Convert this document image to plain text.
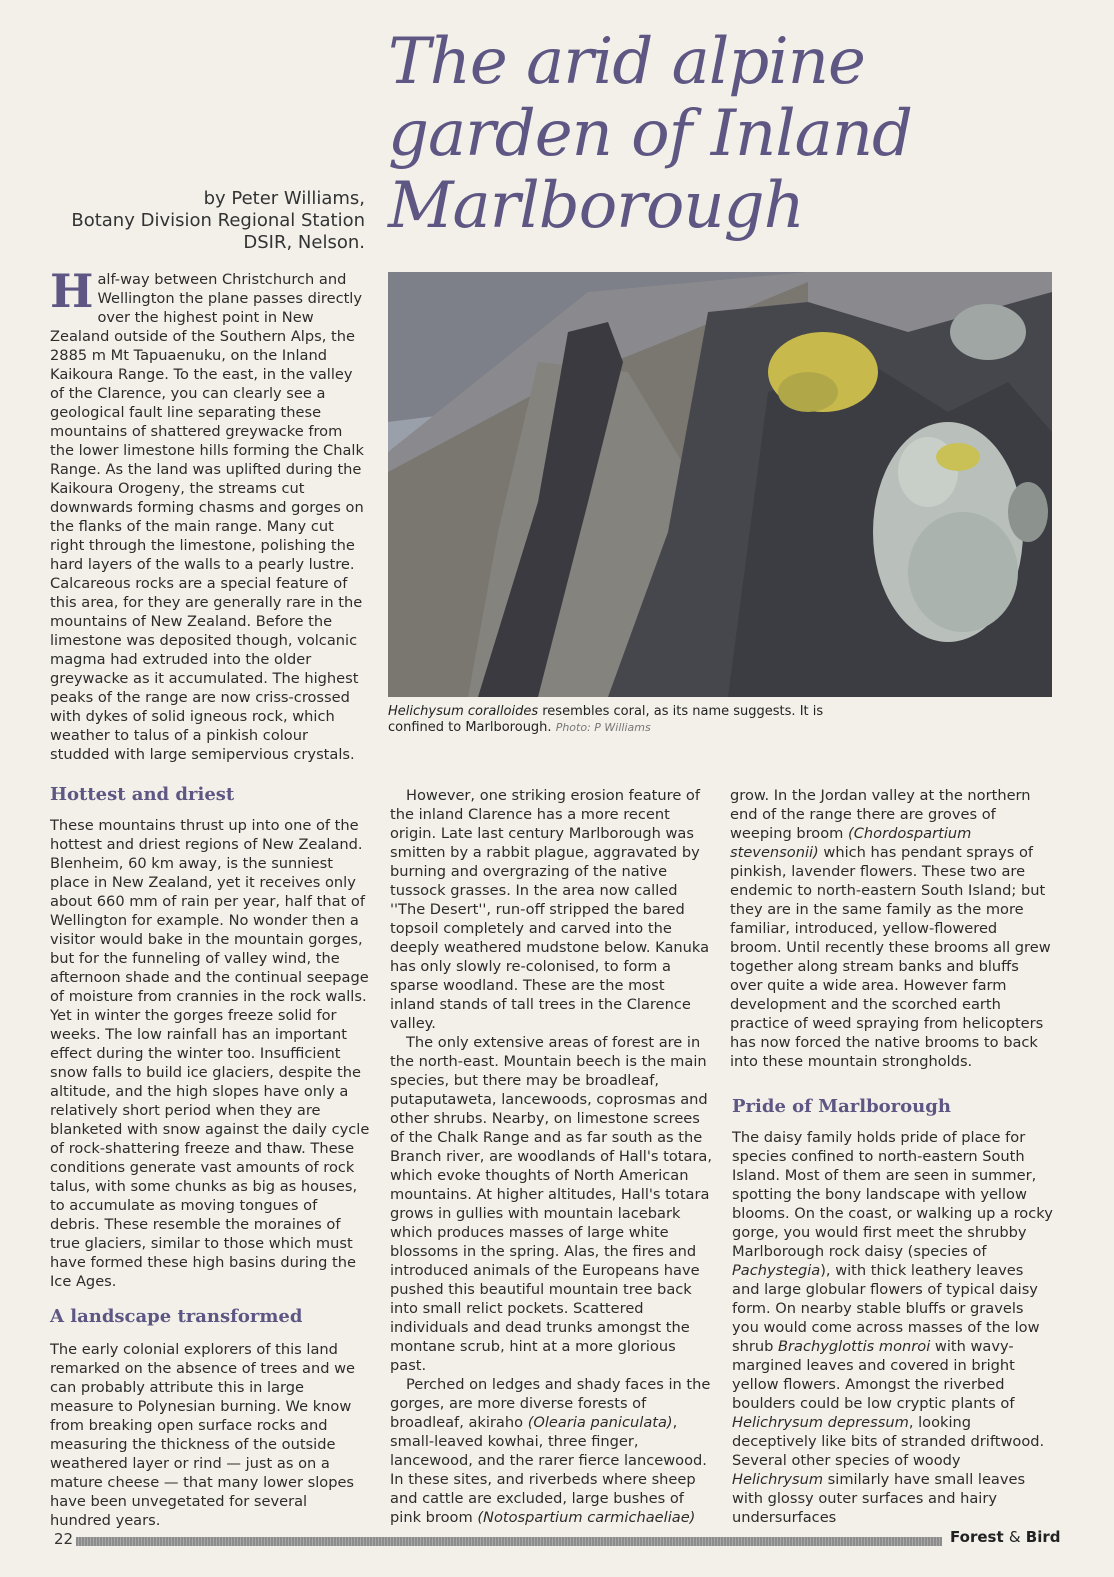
The arid alpine
garden of Inland
Marlborough
by Peter Williams,
Botany Division Regional Station
DSIR, Nelson.
Helichysum coralloides resembles coral, as its name suggests. It is confined to Marlborough. Photo: P Williams
Half-way between Christchurch and Wellington the plane passes directly over the highest point in New Zealand outside of the Southern Alps, the 2885 m Mt Tapuaenuku, on the Inland Kaikoura Range. To the east, in the valley of the Clarence, you can clearly see a geological fault line separating these mountains of shattered greywacke from the lower limestone hills forming the Chalk Range. As the land was uplifted during the Kaikoura Orogeny, the streams cut downwards forming chasms and gorges on the flanks of the main range. Many cut right through the limestone, polishing the hard layers of the walls to a pearly lustre. Calcareous rocks are a special feature of this area, for they are generally rare in the mountains of New Zealand. Before the limestone was deposited though, volcanic magma had extruded into the older greywacke as it accumulated. The highest peaks of the range are now criss-crossed with dykes of solid igneous rock, which weather to talus of a pinkish colour studded with large semipervious crystals.
Hottest and driest

These mountains thrust up into one of the hottest and driest regions of New Zealand. Blenheim, 60 km away, is the sunniest place in New Zealand, yet it receives only about 660 mm of rain per year, half that of Wellington for example. No wonder then a visitor would bake in the mountain gorges, but for the funneling of valley wind, the afternoon shade and the continual seepage of moisture from crannies in the rock walls. Yet in winter the gorges freeze solid for weeks. The low rainfall has an important effect during the winter too. Insufficient snow falls to build ice glaciers, despite the altitude, and the high slopes have only a relatively short period when they are blanketed with snow against the daily cycle of rock-shattering freeze and thaw. These conditions generate vast amounts of rock talus, with some chunks as big as houses, to accumulate as moving tongues of debris. These resemble the moraines of true glaciers, similar to those which must have formed these high basins during the Ice Ages.

A landscape transformed

The early colonial explorers of this land remarked on the absence of trees and we can probably attribute this in large measure to Polynesian burning. We know from breaking open surface rocks and measuring the thickness of the outside weathered layer or rind — just as on a mature cheese — that many lower slopes have been unvegetated for several hundred years.

However, one striking erosion feature of the inland Clarence has a more recent origin. Late last century Marlborough was smitten by a rabbit plague, aggravated by burning and overgrazing of the native tussock grasses. In the area now called ''The Desert'', run-off stripped the bared topsoil completely and carved into the deeply weathered mudstone below. Kanuka has only slowly re-colonised, to form a sparse woodland. These are the most inland stands of tall trees in the Clarence valley.

The only extensive areas of forest are in the north-east. Mountain beech is the main species, but there may be broadleaf, putaputaweta, lancewoods, coprosmas and other shrubs. Nearby, on limestone screes of the Chalk Range and as far south as the Branch river, are woodlands of Hall's totara, which evoke thoughts of North American mountains. At higher altitudes, Hall's totara grows in gullies with mountain lacebark which produces masses of large white blossoms in the spring. Alas, the fires and introduced animals of the Europeans have pushed this beautiful mountain tree back into small relict pockets. Scattered individuals and dead trunks amongst the montane scrub, hint at a more glorious past.

Perched on ledges and shady faces in the gorges, are more diverse forests of broadleaf, akiraho (Olearia paniculata), small-leaved kowhai, three finger, lancewood, and the rarer fierce lancewood. In these sites, and riverbeds where sheep and cattle are excluded, large bushes of pink broom (Notospartium carmichaeliae)

grow. In the Jordan valley at the northern end of the range there are groves of weeping broom (Chordospartium stevensonii) which has pendant sprays of pinkish, lavender flowers. These two are endemic to north-eastern South Island; but they are in the same family as the more familiar, introduced, yellow-flowered broom. Until recently these brooms all grew together along stream banks and bluffs over quite a wide area. However farm development and the scorched earth practice of weed spraying from helicopters has now forced the native brooms to back into these mountain strongholds.

Pride of Marlborough

The daisy family holds pride of place for species confined to north-eastern South Island. Most of them are seen in summer, spotting the bony landscape with yellow blooms. On the coast, or walking up a rocky gorge, you would first meet the shrubby Marlborough rock daisy (species of Pachystegia), with thick leathery leaves and large globular flowers of typical daisy form. On nearby stable bluffs or gravels you would come across masses of the low shrub Brachyglottis monroi with wavy-margined leaves and covered in bright yellow flowers. Amongst the riverbed boulders could be low cryptic plants of Helichrysum depressum, looking deceptively like bits of stranded driftwood. Several other species of woody Helichrysum similarly have small leaves with glossy outer surfaces and hairy undersurfaces

22	Forest & Bird
